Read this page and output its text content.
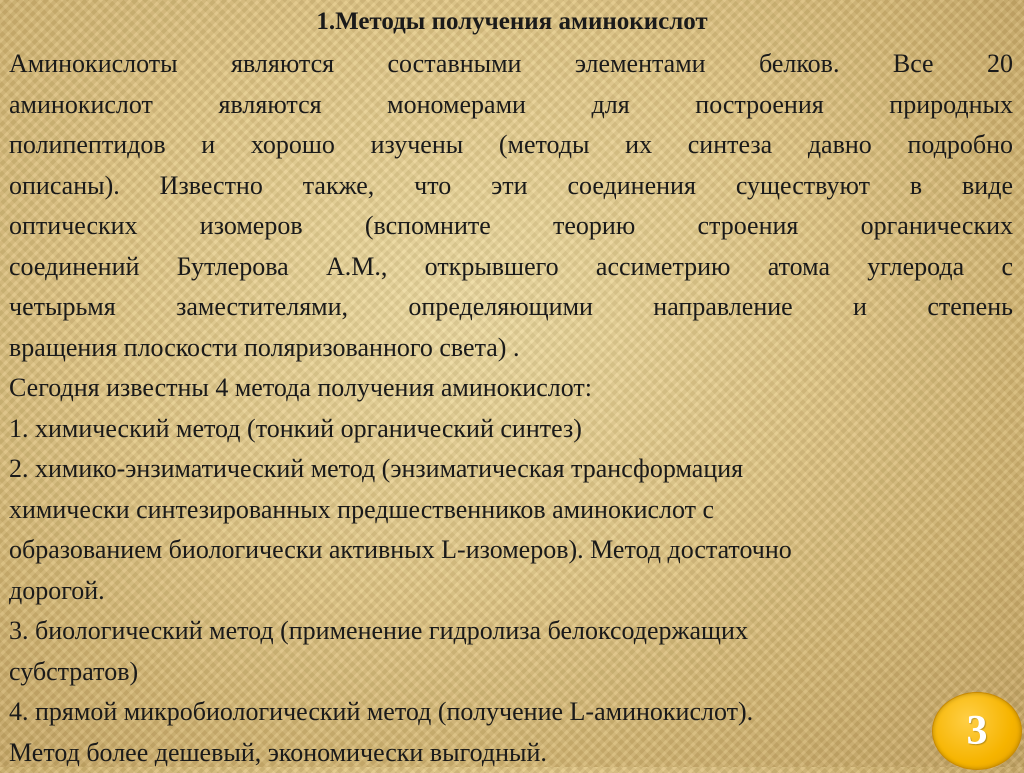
1.Методы получения аминокислот
Аминокислоты являются составными элементами белков. Все 20
аминокислот являются мономерами для построения природных
полипептидов и хорошо изучены (методы их синтеза давно подробно
описаны). Известно также, что эти соединения существуют в виде
оптических изомеров (вспомните теорию строения органических
соединений Бутлерова А.М., открывшего ассиметрию атома углерода с
четырьмя заместителями, определяющими направление и степень
вращения плоскости поляризованного света) .
Сегодня известны 4 метода получения аминокислот:
1. химический метод (тонкий органический синтез)
2. химико-энзиматический метод (энзиматическая трансформация
химически синтезированных предшественников аминокислот с
образованием биологически активных L-изомеров). Метод достаточно
дорогой.
3. биологический метод (применение гидролиза белоксодержащих
субстратов)
4. прямой микробиологический метод (получение L-аминокислот).
Метод более дешевый, экономически выгодный.	3
